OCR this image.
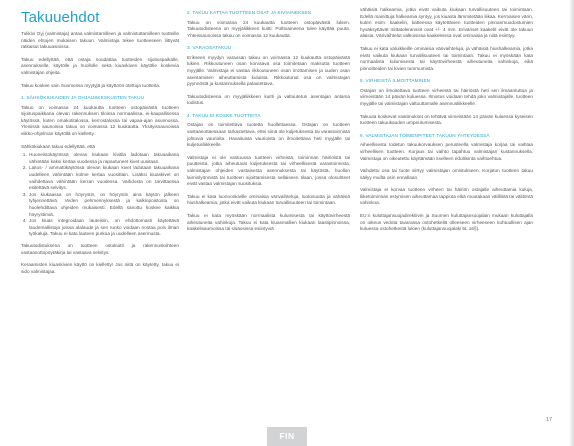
Takuuehdot

Tulikivi Oyj (valmistaja) antaa valmistamilleen ja valmistuttamilleen tuotteille näiden ehtojen mukaisen takuun. Valmistaja tekee tuotteeseen liittyvät ratkaisut takuuasioissa.

Takuu edellyttää, että ostaja noudattaa tuotteiden sijoituspaikalle, asennukselle, käytölle ja huollolle sekä kiuaskiven käytölle koskevia valmistajan ohjeita.

Takuu koskee vain Suomessa myytyjä ja käyttöön otettuja tuotteita.

1. SÄHKÖKIUKAIDEN JA OHJAUSKESKUSTEN TAKUU

Takuu on voimassa 24 kuukautta tuotteen ostopäivästä tuotteen sijoituspaikkana olevan rakennuksen tiloissa normaalissa, ei-kaupallisessa käytössä, kuten omakotitalossa, kerrostalossa tai vapaa-ajan asunnossa. Yleisissä saunoissa takuu on voimassa 12 kuukautta. Yksityissaunoissa viikko-ohjelman käytöllä on kielletty.

Sähkökiukaan takuu edellyttää, että

1. Huoneistokäytössä olevan kiukaan kivitila ladotaan takuuaikana vähintään kaksi kertaa vuodessa ja rapautuneet kivet uusitaan.
2. Laitos- / ammattikäytössä olevan kiukaan kivet ladotaan takuuaikana uudelleen vähintään kolme kertaa vuosittain. Lisäksi kiuaskivet on vaihdettava vähintään kerran vuodessa. Vaihdosta on tarvittaessa esitettävä selvitys.
3. Jos kiukaassa on höyrystin, on höyrystin aina käytön jälkeen tyhjennettävä. Veden pehmennyksestä ja kalkinpoistosta on huolehdittava ohjeiden mukaisesti. Edellä sanottu koskee kaikkia höyrystimiä.
4. Jos kiuas integroidaan lauteisiin, on ehdottomasti käytettävä laudemallistoja joissa alalaude ja sen runko voidaan nostaa pois ilman työkaluja. Takuu ei kata lauteen purkua ja uudelleen asennusta.

Takuutodistuksena on tuotteen ostokuitti ja rakennuskohteen vastaanottopöytäkirja tai vastaava selvitys.

Keraamisten kiuaskivien käyttö on kielletty! Jos niitä on käytetty, takuu ei sido valmistajaa.

2. TAKUU KATTAA TUOTTEEN OSAT JA KIVIAINEKSEN

Takuu on voimassa 24 kuukautta tuotteen ostopäivästä lukien. Takuutodisteena on myyjäliikkeen kuitti. Polttoaineena tulee käyttää puuta. Yhteissaunoissa takuu on voimassa 12 kuukautta.

3. VARAOSATAKUU

Erikseen myydyn varaosan takuu on voimassa 12 kuukautta ostopäivästä lukien. Rikkoutuneen osan korvaava osa toimitetaan maksutta tuotteen myyjälle. Valmistaja ei vastaa rikkoutuneen osan irrottamisen ja uuden osan asentamisen aiheuttamista kuluista. Rikkoutunut osa on valmistajan pyynnöstä ja kustannuksella palautettava.

Takuutodisteena on myyjäliikkeen kuitti ja valtuutetun asentajan antama todistus.

4. TAKUU EI KOSKE TUOTTEITA

Ostajan on toimitettava tuotetta huollettaessa. Ostajan on tuotteen vastaanottaessaan tarkastettava, ettei siinä ole kuljetuksesta tai varastoinnista johtuvia vaurioita. Havaituista vaurioista on ilmoitettava heti myyjälle tai kuljetusliikkeelle.

Valmistaja ei ole vastuussa tuotteen virheistä, toiminnan häiriöistä tai puutteista, jotka aiheutuvat kuljetuksesta tai virheellisestä varastoinnista, valmistajan ohjeiden vastaisesta asennuksesta tai käytöstä, huollon laiminlyönnistä tai tuotteen sijoittamisesta sellaiseen tilaan, jossa olosuhteet eivät vastaa valmistajan suosituksia.

Takuu ei kata luonnonkiville ominaisia värivaihteluja, luotosuutta ja vähäisiä hiushalkeamia, jotka eivät vaikuta kiukaan turvallisuuteen tai toimintaan.

Takuu ei kata myöskään normaalista kulumisesta tai käyttövirheestä aiheutuneita vahinkoja. Takuu ei kata kiuasmallien kiukaan laastipinnoissa, kaakelisaumoissa tai sisäosissa esiintyviä

vähäisiä halkeamia, jotka eivät vaikuta kiukaan turvallisuuteen tai toimintaan. Edellä mainittuja halkeamia syntyy, jos kiuasta lämmitetään liikaa. Kermaisen värin, kuten esim. kaakelin, katteessa käytettävien tuotteiden pinnanmuodostumien hyväksyttävät mittatoleranssit ovat +/- 4 mm. Eriväriset kaakelit eivät ole takuun alaisia. Värivaihtelut valkoisissa kaakeleissa ovat ominaisia ja niitä esiintyy.

Takuu ei kata valuikkeille ominaisia värivaihteluja, ja vähäisiä hiushalkeamia, jotka eivät vaikuta kiukaan turvallisuuteen tai toimintaan. Takuu ei myöskään kata normaalista kulumisesta tai käyttövirheestä aiheutuneita vahinkoja, eikä pinnoitteiden tai kivien tummumista.

5. VIRHEISTÄ ILMOITTAMINEN

Ostajan on ilmoitettava tuotteen virheestä tai häiriöstä heti sen ilmaantuttua ja viimeistään 14 päivän kuluessa. Ilmoitus voidaan tehdä joko valmistajalle, tuotteen myyjälle tai valmistajan valtuuttamalle asennusliikkeelle.

Takuuta koskevat vaatimukset on tehtävä viimeistään 14 päivän kuluessa kyseisen tuotteen takuukauden umpeutumisesta.

6. VALMISTAJAN TOIMENPITEET TAKUUN YHTEYDESSÄ

Aiheellisesta todetun takuukorvauksen perusteella valmistaja korjaa tai vaihtaa virheellisen tuotteen. Korjaus tai vaihto tapahtuu valmistajan kustannuksella. Valmistaja on oikeutettu käyttämään itselleen edullisinta vaihtoehtoa.

Vaihdettu osa tai tuote siirtyy valmistajan omistukseen. Korjatun tuotteen takuu säilyy muilta osin ennallaan.

Valmistaja ei korvaa tuotteen virheen tai häiriön ostajalle aiheuttamia kuluja, liiketoiminnan estymisen aiheuttamaa tappiota eikä muutakaan välillistä tai välitöntä vahinkoa.

EU:n kuluttajansuojadirektiivin ja Suomen kuluttajansuojalain mukaan kuluttajalla on oikeus vedota tavarassa ostohetkellä olleeseen virheeseen kohtuullisen ajan kuluessa ostohetkestä lukien (kuluttajansuojalaki 5L 16§).

FIN
17
